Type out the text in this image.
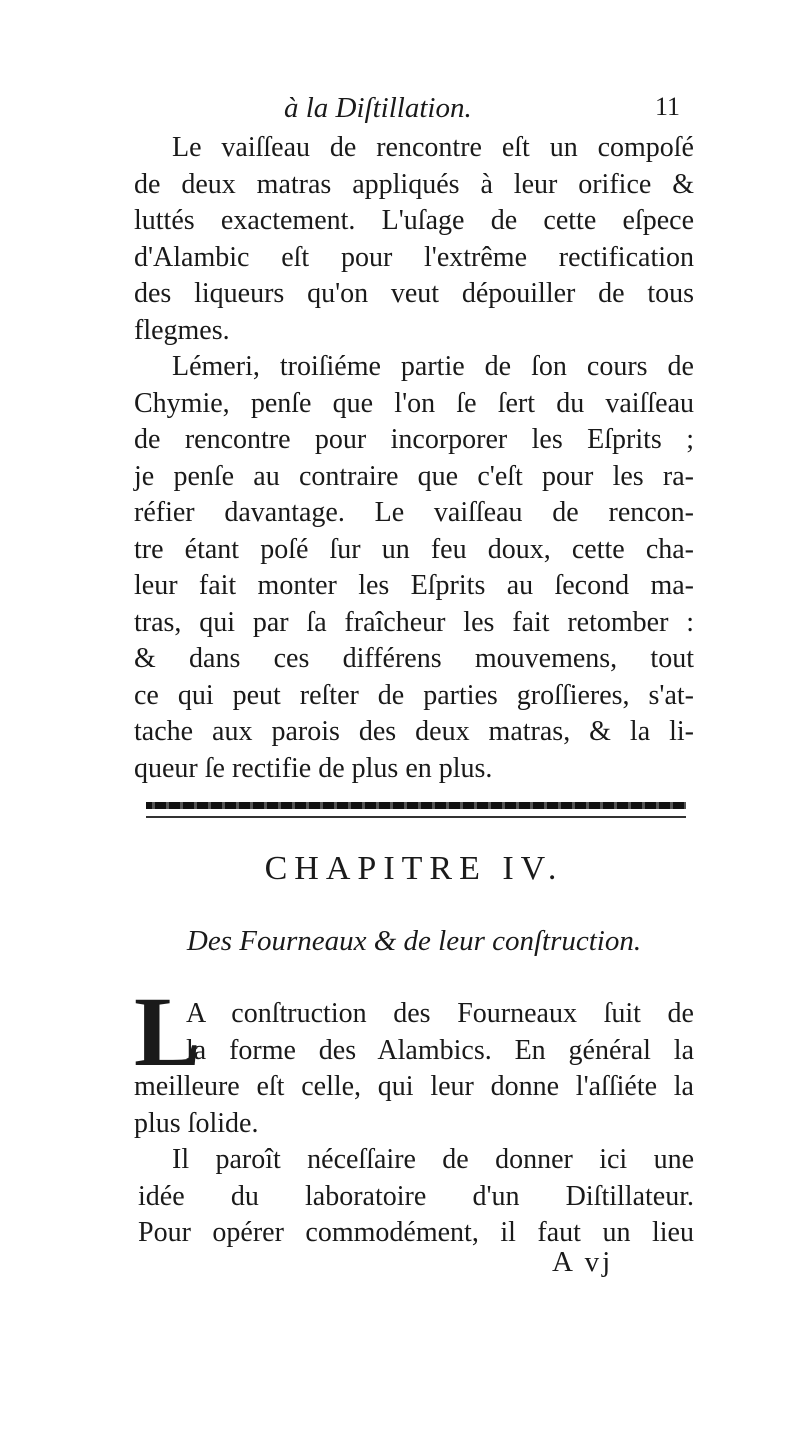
à la Diſtillation.	11
Le vaiſſeau de rencontre eſt un compoſé
de deux matras appliqués à leur orifice &
luttés exactement. L'uſage de cette eſpece
d'Alambic eſt pour l'extrême rectification
des liqueurs qu'on veut dépouiller de tous
flegmes.
Lémeri, troiſiéme partie de ſon cours de
Chymie, penſe que l'on ſe ſert du vaiſſeau
de rencontre pour incorporer les Eſprits ;
je penſe au contraire que c'eſt pour les ra-
réfier davantage. Le vaiſſeau de rencon-
tre étant poſé ſur un feu doux, cette cha-
leur fait monter les Eſprits au ſecond ma-
tras, qui par ſa fraîcheur les fait retomber :
& dans ces différens mouvemens, tout
ce qui peut reſter de parties groſſieres, s'at-
tache aux parois des deux matras, & la li-
queur ſe rectifie de plus en plus.
CHAPITRE IV.
Des Fourneaux & de leur conſtruction.
L
A conſtruction des Fourneaux ſuit de
la forme des Alambics. En général la
meilleure eſt celle, qui leur donne l'aſſiéte la
plus ſolide.
Il paroît néceſſaire de donner ici une
idée du laboratoire d'un Diſtillateur.
Pour opérer commodément, il faut un lieu
A vj
